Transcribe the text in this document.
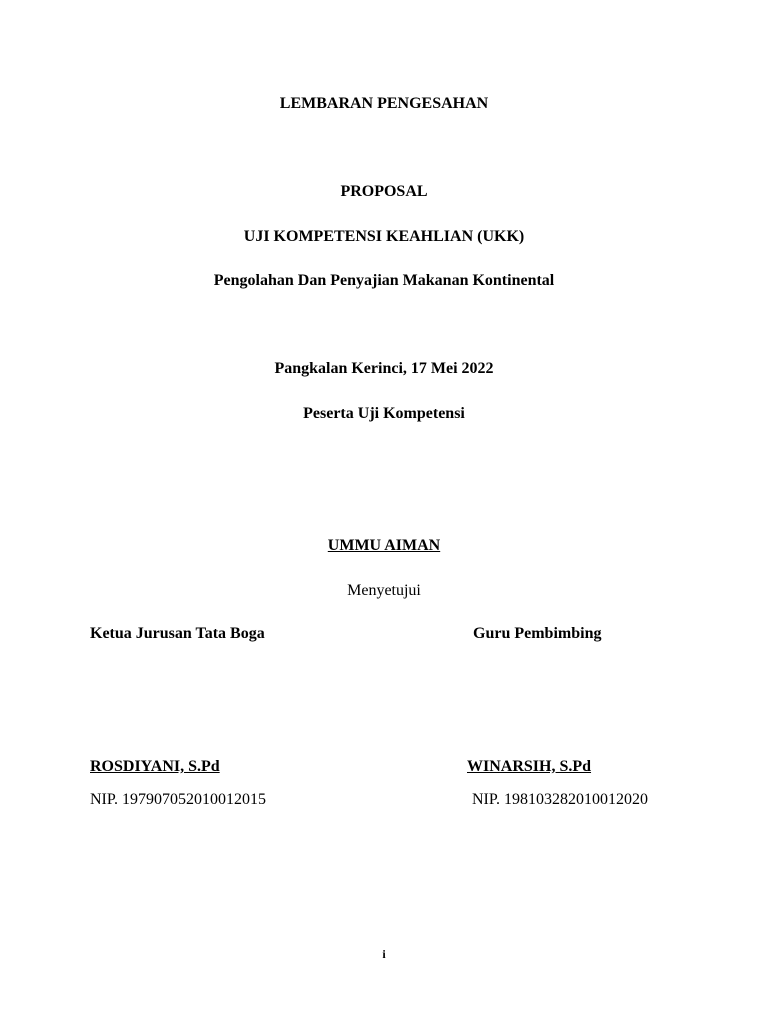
LEMBARAN PENGESAHAN
PROPOSAL
UJI KOMPETENSI KEAHLIAN (UKK)
Pengolahan Dan Penyajian Makanan Kontinental
Pangkalan Kerinci, 17 Mei 2022
Peserta Uji Kompetensi
UMMU AIMAN
Menyetujui
Ketua Jurusan Tata Boga	Guru Pembimbing
ROSDIYANI, S.Pd	WINARSIH, S.Pd
NIP. 197907052010012015	NIP. 198103282010012020
i
